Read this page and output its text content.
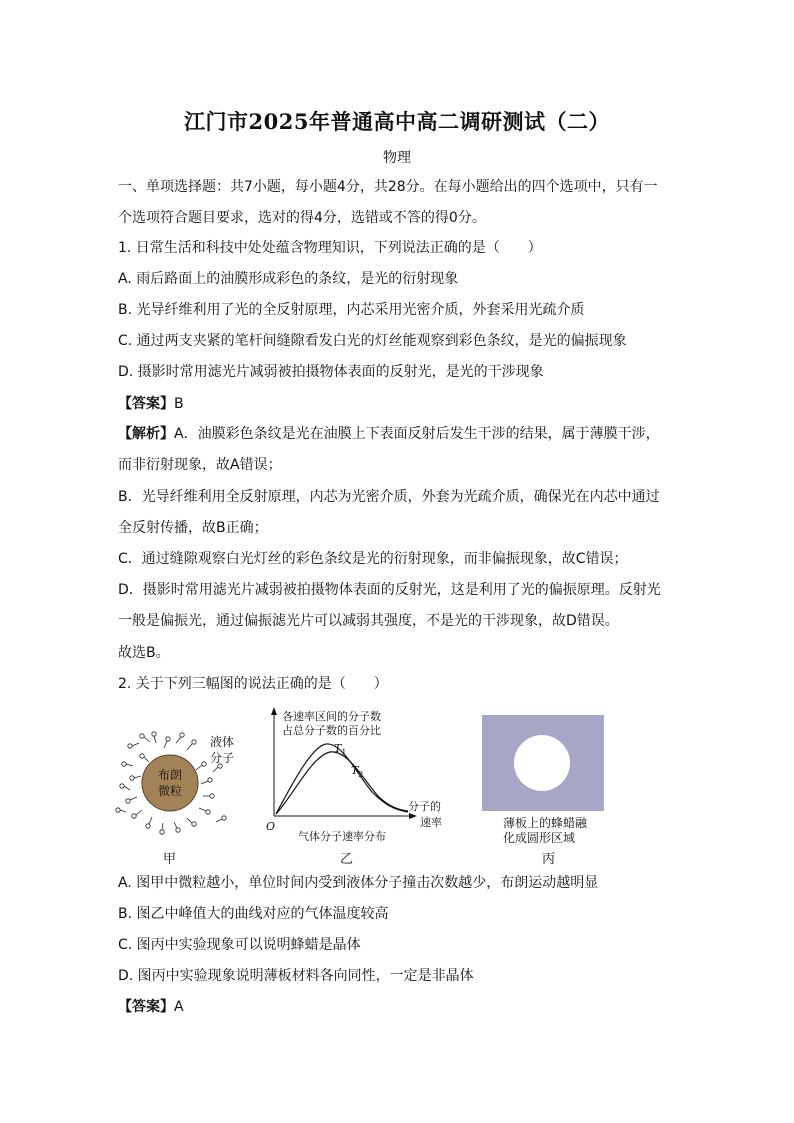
江门市2025年普通高中高二调研测试（二）
物理
一、单项选择题：共7小题，每小题4分，共28分。在每小题给出的四个选项中，只有一
个选项符合题目要求，选对的得4分，选错或不答的得0分。
1. 日常生活和科技中处处蕴含物理知识，下列说法正确的是（　　）
A. 雨后路面上的油膜形成彩色的条纹，是光的衍射现象
B. 光导纤维利用了光的全反射原理，内芯采用光密介质，外套采用光疏介质
C. 通过两支夹紧的笔杆间缝隙看发白光的灯丝能观察到彩色条纹，是光的偏振现象
D. 摄影时常用滤光片减弱被拍摄物体表面的反射光，是光的干涉现象
【答案】B
【解析】A．油膜彩色条纹是光在油膜上下表面反射后发生干涉的结果，属于薄膜干涉，
而非衍射现象，故A错误；
B．光导纤维利用全反射原理，内芯为光密介质，外套为光疏介质，确保光在内芯中通过
全反射传播，故B正确；
C．通过缝隙观察白光灯丝的彩色条纹是光的衍射现象，而非偏振现象，故C错误；
D．摄影时常用滤光片减弱被拍摄物体表面的反射光，这是利用了光的偏振原理。反射光
一般是偏振光，通过偏振滤光片可以减弱其强度，不是光的干涉现象，故D错误。
故选B。
2. 关于下列三幅图的说法正确的是（　　）
布朗
微粒
液体
分子
甲
各速率区间的分子数
占总分子数的百分比
$T_1$
$T_2$
分子的
速率
O
气体分子速率分布
乙
薄板上的蜂蜡融
化成圆形区域
丙
A. 图甲中微粒越小，单位时间内受到液体分子撞击次数越少，布朗运动越明显
B. 图乙中峰值大的曲线对应的气体温度较高
C. 图丙中实验现象可以说明蜂蜡是晶体
D. 图丙中实验现象说明薄板材料各向同性，一定是非晶体
【答案】A
